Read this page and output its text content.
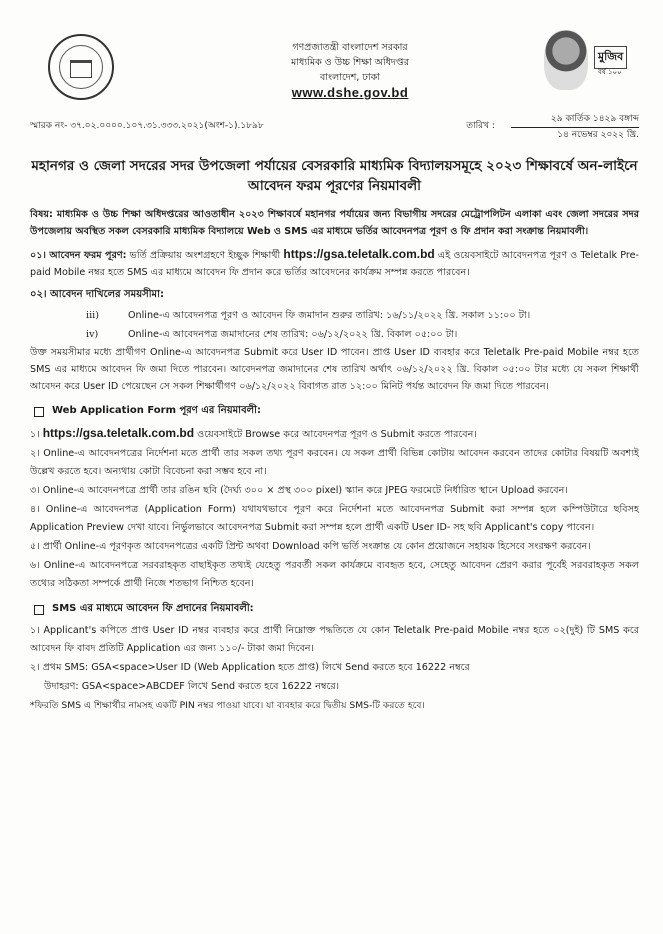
গণপ্রজাতন্ত্রী বাংলাদেশ সরকার
মাধ্যমিক ও উচ্চ শিক্ষা অধিদপ্তর
বাংলাদেশ, ঢাকা
www.dshe.gov.bd
মুজিব
বর্ষ ১০০
স্মারক নং- ৩৭.০২.০০০০.১০৭.৩১.৩৩৩.২০২১(অংশ-১).১৮৯৮	তারিখ :
২৯ কার্তিক ১৪২৯ বঙ্গাব্দ

১৪ নভেম্বর ২০২২ খ্রি.
মহানগর ও জেলা সদরের সদর উপজেলা পর্যায়ের বেসরকারি মাধ্যমিক বিদ্যালয়সমূহে ২০২৩ শিক্ষাবর্ষে অন-লাইনে আবেদন ফরম পূরণের নিয়মাবলী

বিষয়: মাধ্যমিক ও উচ্চ শিক্ষা অধিদপ্তরের আওতাধীন ২০২৩ শিক্ষাবর্ষে মহানগর পর্যায়ের জন্য বিভাগীয় সদরের মেট্রোপলিটন এলাকা এবং জেলা সদরের সদর উপজেলায় অবস্থিত সকল বেসরকারি মাধ্যমিক বিদ্যালয়ে Web ও SMS এর মাধ্যমে ভর্তির আবেদনপত্র পূরণ ও ফি প্রদান করা সংক্রান্ত নিয়মাবলী।

০১। আবেদন ফরম পূরণ: ভর্তি প্রক্রিয়ায় অংশগ্রহণে ইচ্ছুক শিক্ষার্থী https://gsa.teletalk.com.bd এই ওয়েবসাইটে আবেদনপত্র পূরণ ও Teletalk Pre-paid Mobile নম্বর হতে SMS এর মাধ্যমে আবেদন ফি প্রদান করে ভর্তির আবেদনের কার্যক্রম সম্পন্ন করতে পারবেন।

০২। আবেদন দাখিলের সময়সীমা:
iii)	Online-এ আবেদনপত্র পূরণ ও আবেদন ফি জমাদান শুরুর তারিখ: ১৬/১১/২০২২ খ্রি. সকাল ১১:০০ টা।
iv)	Online-এ আবেদনপত্র জমাদানের শেষ তারিখ: ০৬/১২/২০২২ খ্রি. বিকাল ০৫:০০ টা।

উক্ত সময়সীমার মধ্যে প্রার্থীগণ Online-এ আবেদনপত্র Submit করে User ID পাবেন। প্রাপ্ত User ID ব্যবহার করে Teletalk Pre-paid Mobile নম্বর হতে SMS এর মাধ্যমে আবেদন ফি জমা দিতে পারবেন। আবেদনপত্র জমাদানের শেষ তারিখ অর্থাৎ ০৬/১২/২০২২ খ্রি. বিকাল ০৫:০০ টার মধ্যে যে সকল শিক্ষার্থী আবেদন করে User ID পেয়েছেন সে সকল শিক্ষার্থীগণ ০৬/১২/২০২২ বিবাগত রাত ১২:০০ মিনিট পর্যন্ত আবেদন ফি জমা দিতে পারবেন।

Web Application Form পূরণ এর নিয়মাবলী:

১। https://gsa.teletalk.com.bd ওয়েবসাইটে Browse করে আবেদনপত্র পূরণ ও Submit করতে পারবেন।

২। Online-এ আবেদনপত্রের নির্দেশনা মতে প্রার্থী তার সকল তথ্য পূরণ করবেন। যে সকল প্রার্থী বিভিন্ন কোটায় আবেদন করবেন তাদের কোটার বিষয়টি অবশ্যই উল্লেখ করতে হবে। অন্যথায় কোটা বিবেচনা করা সম্ভব হবে না।

৩। Online-এ আবেদনপত্রে প্রার্থী তার রঙিন ছবি (দৈর্ঘ্য ৩০০ × প্রস্থ ৩০০ pixel) স্ক্যান করে JPEG ফরমেটে নির্ধারিত স্থানে Upload করবেন।

৪। Online-এ আবেদনপত্র (Application Form) যথাযথভাবে পূরণ করে নির্দেশনা মতে আবেদনপত্র Submit করা সম্পন্ন হলে কম্পিউটারে ছবিসহ Application Preview দেখা যাবে। নির্ভুলভাবে আবেদনপত্র Submit করা সম্পন্ন হলে প্রার্থী একটি User ID- সহ ছবি Applicant's copy পাবেন।

৫। প্রার্থী Online-এ পূরণকৃত আবেদনপত্রের একটি প্রিন্ট অথবা Download কপি ভর্তি সংক্রান্ত যে কোন প্রয়োজনে সহায়ক হিসেবে সংরক্ষণ করবেন।

৬। Online-এ আবেদনপত্রে সরবরাহকৃত বাছাইকৃত তথ্যই যেহেতু পরবর্তী সকল কার্যক্রমে ব্যবহৃত হবে, সেহেতু আবেদন প্রেরণ করার পূর্বেই সরবরাহকৃত সকল তথ্যের সঠিকতা সম্পর্কে প্রার্থী নিজে শতভাগ নিশ্চিত হবেন।

SMS এর মাধ্যমে আবেদন ফি প্রদানের নিয়মাবলী:

১। Applicant's কপিতে প্রাপ্ত User ID নম্বর ব্যবহার করে প্রার্থী নিম্নোক্ত পদ্ধতিতে যে কোন Teletalk Pre-paid Mobile নম্বর হতে ০২(দুই) টি SMS করে আবেদন ফি বাবদ প্রতিটি Application এর জন্য ১১০/- টাকা জমা দিবেন।

২। প্রথম SMS: GSA<space>User ID (Web Application হতে প্রাপ্ত) লিখে Send করতে হবে 16222 নম্বরে

উদাহরণ: GSA<space>ABCDEF লিখে Send করতে হবে 16222 নম্বরে।

*ফিরতি SMS এ শিক্ষার্থীর নামসহ একটি PIN নম্বর পাওয়া যাবে। যা ব্যবহার করে দ্বিতীয় SMS-টি করতে হবে।
